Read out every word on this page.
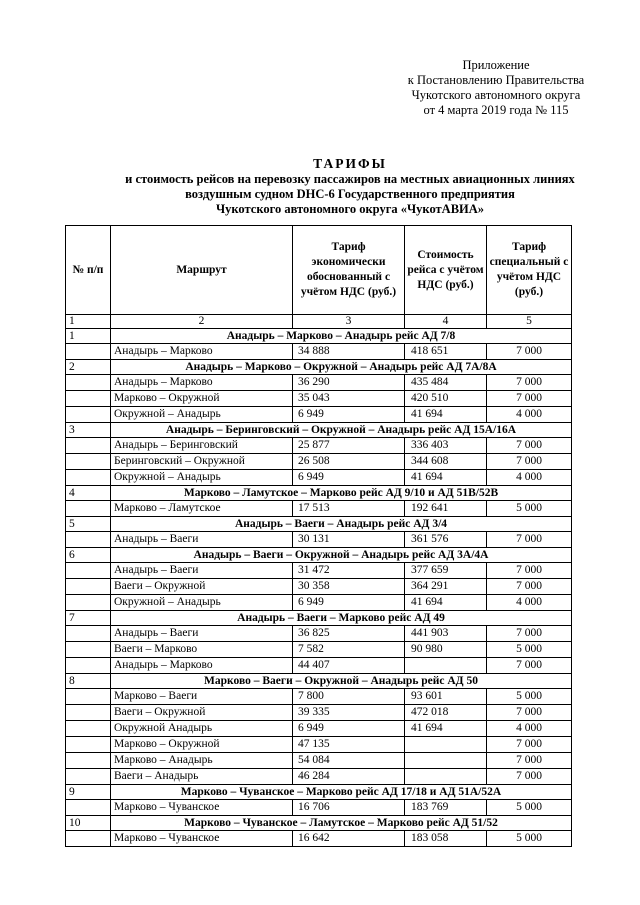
Приложение
к Постановлению Правительства
Чукотского автономного округа
от 4 марта 2019 года № 115
ТАРИФЫ
и стоимость рейсов на перевозку пассажиров на местных авиационных линиях
воздушным судном DHC-6 Государственного предприятия
Чукотского автономного округа «ЧукотАВИА»
№ п/п	Маршрут	Тариф экономически обоснованный с учётом НДС (руб.)	Стоимость рейса с учётом НДС (руб.)	Тариф специальный с учётом НДС (руб.)
1	2	3	4	5
1	Анадырь – Марково – Анадырь рейс АД 7/8			
	Анадырь – Марково	34 888	418 651	7 000
2	Анадырь – Марково – Окружной – Анадырь рейс АД 7А/8А			
	Анадырь – Марково	36 290	435 484	7 000
	Марково – Окружной	35 043	420 510	7 000
	Окружной – Анадырь	6 949	41 694	4 000
3	Анадырь – Беринговский – Окружной – Анадырь рейс АД 15А/16А			
	Анадырь – Беринговский	25 877	336 403	7 000
	Беринговский – Окружной	26 508	344 608	7 000
	Окружной – Анадырь	6 949	41 694	4 000
4	Марково – Ламутское – Марково рейс АД 9/10 и АД 51В/52В			
	Марково – Ламутское	17 513	192 641	5 000
5	Анадырь – Ваеги – Анадырь рейс АД 3/4			
	Анадырь – Ваеги	30 131	361 576	7 000
6	Анадырь – Ваеги – Окружной – Анадырь рейс АД 3А/4А			
	Анадырь – Ваеги	31 472	377 659	7 000
	Ваеги – Окружной	30 358	364 291	7 000
	Окружной – Анадырь	6 949	41 694	4 000
7	Анадырь – Ваеги – Марково рейс АД 49			
	Анадырь – Ваеги	36 825	441 903	7 000
	Ваеги – Марково	7 582	90 980	5 000
	Анадырь – Марково	44 407		7 000
8	Марково – Ваеги – Окружной – Анадырь рейс АД 50			
	Марково – Ваеги	7 800	93 601	5 000
	Ваеги – Окружной	39 335	472 018	7 000
	Окружной Анадырь	6 949	41 694	4 000
	Марково – Окружной	47 135		7 000
	Марково – Анадырь	54 084		7 000
	Ваеги – Анадырь	46 284		7 000
9	Марково – Чуванское – Марково рейс АД 17/18 и АД 51А/52А			
	Марково – Чуванское	16 706	183 769	5 000
10	Марково – Чуванское – Ламутское – Марково рейс АД 51/52			
	Марково – Чуванское	16 642	183 058	5 000
